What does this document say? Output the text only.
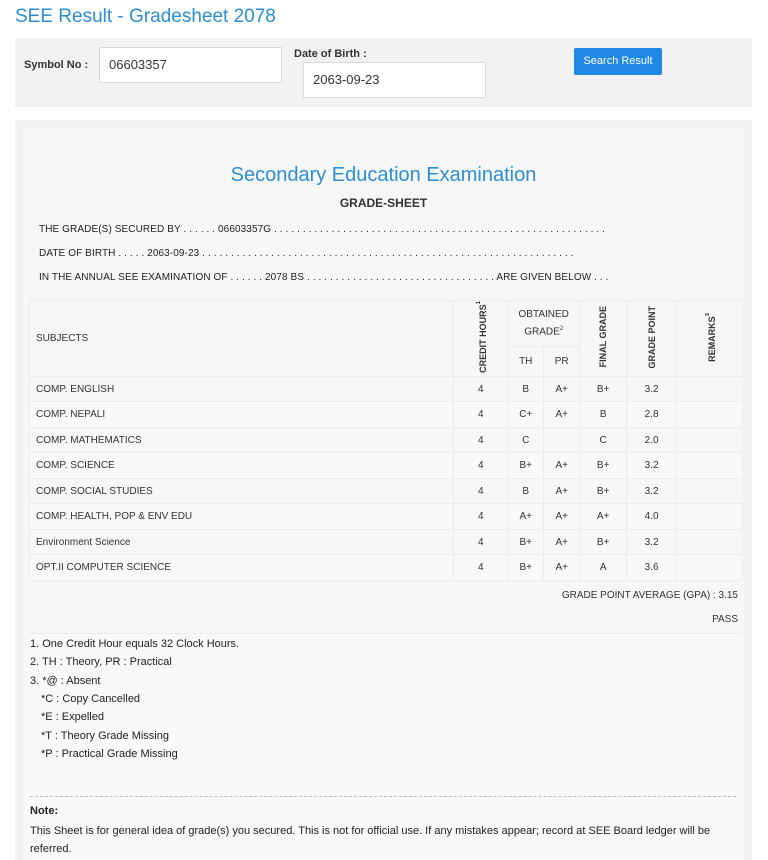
SEE Result - Gradesheet 2078
Symbol No :	06603357
Date of Birth :
2063-09-23
Search Result
Secondary Education Examination
GRADE-SHEET
THE GRADE(S) SECURED BY . . . . . . 06603357G . . . . . . . . . . . . . . . . . . . . . . . . . . . . . . . . . . . . . . . . . . . . . . . . . . . . . . . . . .
DATE OF BIRTH . . . . . 2063-09-23 . . . . . . . . . . . . . . . . . . . . . . . . . . . . . . . . . . . . . . . . . . . . . . . . . . . . . . . . . . . . . . . . .
IN THE ANNUAL SEE EXAMINATION OF . . . . . . 2078 BS . . . . . . . . . . . . . . . . . . . . . . . . . . . . . . . . . ARE GIVEN BELOW . . .
SUBJECTS	CREDIT HOURS$^1$	OBTAINED GRADE$^2$		FINAL GRADE	GRADE POINT	REMARKS$^3$
		TH	PR			
COMP. ENGLISH	4	B	A+	B+	3.2	
COMP. NEPALI	4	C+	A+	B	2.8	
COMP. MATHEMATICS	4	C		C	2.0	
COMP. SCIENCE	4	B+	A+	B+	3.2	
COMP. SOCIAL STUDIES	4	B	A+	B+	3.2	
COMP. HEALTH, POP & ENV EDU	4	A+	A+	A+	4.0	
Environment Science	4	B+	A+	B+	3.2	
OPT.II COMPUTER SCIENCE	4	B+	A+	A	3.6	
GRADE POINT AVERAGE (GPA) : 3.15
PASS
1. One Credit Hour equals 32 Clock Hours.
2. TH : Theory, PR : Practical
3. *@ : Absent
*C : Copy Cancelled
*E : Expelled
*T : Theory Grade Missing
*P : Practical Grade Missing
Note:
This Sheet is for general idea of grade(s) you secured. This is not for official use. If any mistakes appear; record at SEE Board ledger will be referred.
